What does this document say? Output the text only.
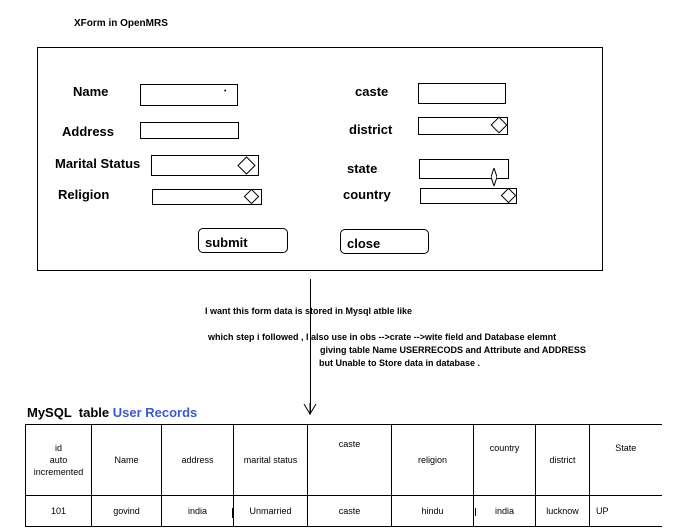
XForm in OpenMRS
Name
Address
Marital Status
Religion
•	caste
district
state
country
submit	close
I want this form data is stored in Mysql atble like
which step i followed , I also use in obs -->crate -->wite field and Database elemnt
giving table Name USERRECODS and Attribute and ADDRESS
but Unable to Store data in database .
MySQL  table User Records
id
auto
incremented	Name	address	marital status	caste	religion	country	district	State
101	govind	india	Unmarried	caste	hindu	india	lucknow	UP
